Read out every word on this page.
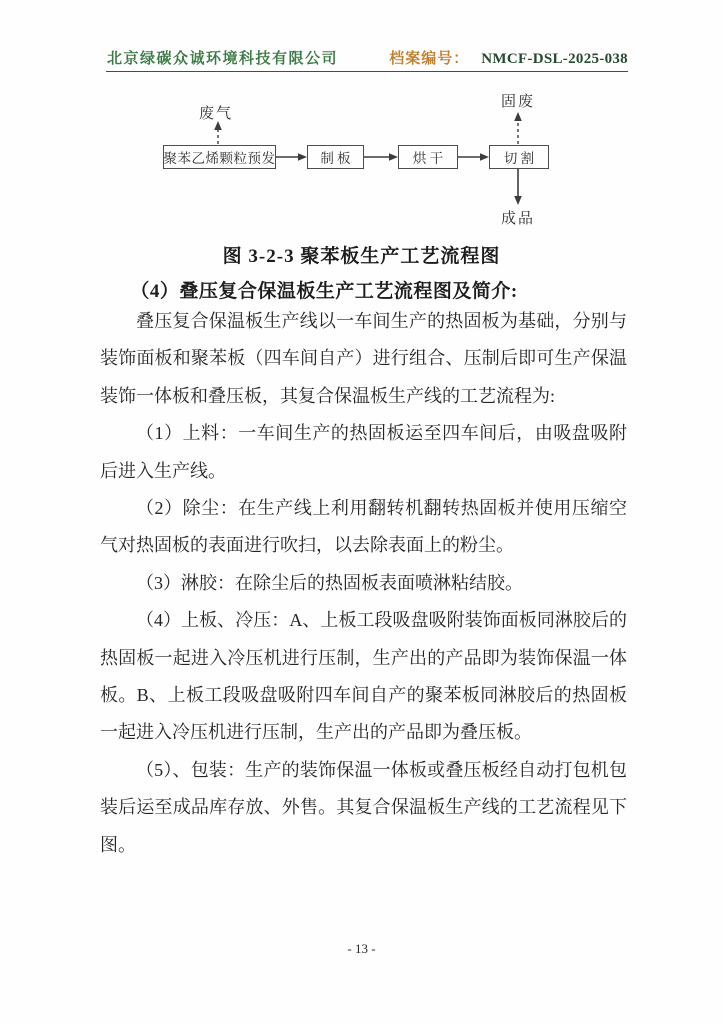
北京绿碳众诚环境科技有限公司	档案编号： NMCF-DSL-2025-038
废气
固废
聚苯乙烯颗粒预发	制 板	烘 干	切 割
成品
图 3-2-3 聚苯板生产工艺流程图
（4）叠压复合保温板生产工艺流程图及简介:

叠压复合保温板生产线以一车间生产的热固板为基础，分别与装饰面板和聚苯板（四车间自产）进行组合、压制后即可生产保温装饰一体板和叠压板，其复合保温板生产线的工艺流程为:

（1）上料：一车间生产的热固板运至四车间后，由吸盘吸附后进入生产线。

（2）除尘：在生产线上利用翻转机翻转热固板并使用压缩空气对热固板的表面进行吹扫，以去除表面上的粉尘。

（3）淋胶：在除尘后的热固板表面喷淋粘结胶。

（4）上板、冷压：A、上板工段吸盘吸附装饰面板同淋胶后的热固板一起进入冷压机进行压制，生产出的产品即为装饰保温一体板。B、上板工段吸盘吸附四车间自产的聚苯板同淋胶后的热固板一起进入冷压机进行压制，生产出的产品即为叠压板。

（5）、包装：生产的装饰保温一体板或叠压板经自动打包机包装后运至成品库存放、外售。其复合保温板生产线的工艺流程见下图。

- 13 -
